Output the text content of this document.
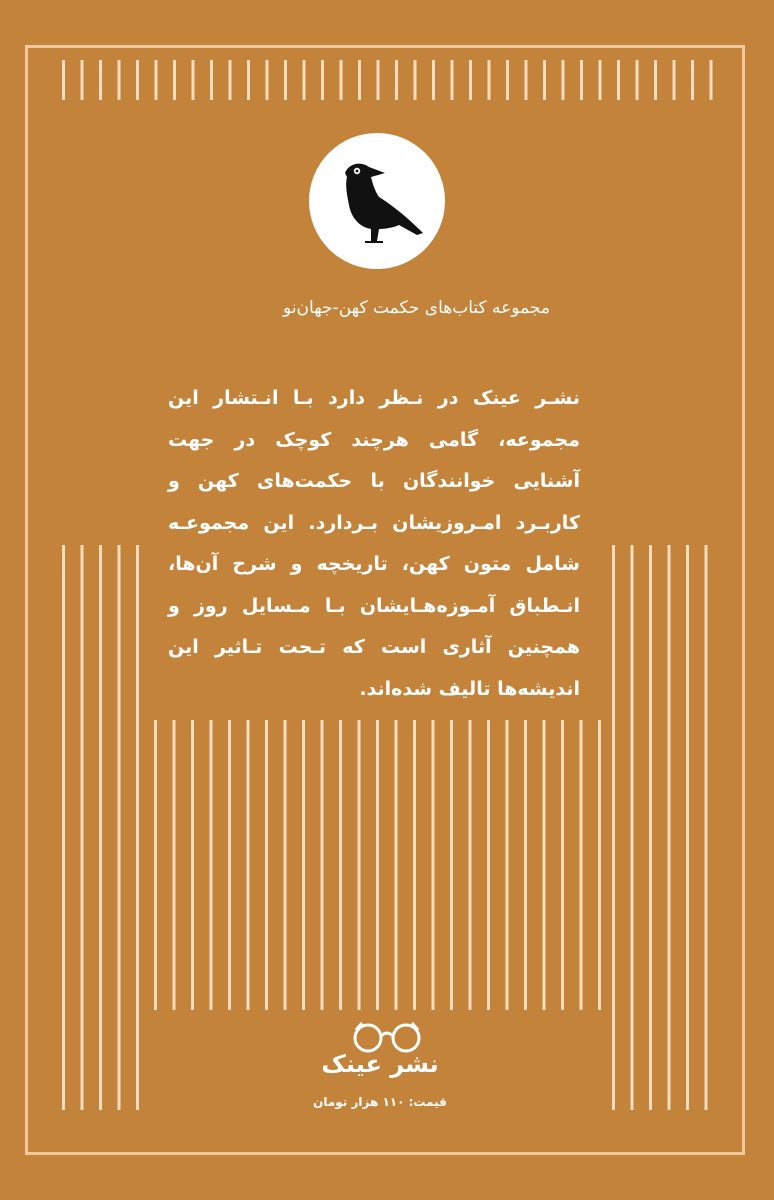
مجموعه کتاب‌های حکمت کهن-جهان‌نو
نشـر عینک در نـظر دارد بـا انـتشار این مجموعه، گامی هرچند کوچک در جهت آشنایی خوانندگان با حکمت‌های کهن و کاربـرد امـروزیشان بـردارد. این مجموعـه شامل متون کهن، تاریخچه و شرح آن‌ها، انـطباق آمـوزه‌هـایشان بـا مـسایل روز و همچنین آثاری است که تـحت تـاثیر این اندیشه‌ها تالیف شده‌اند.
نشر عینک
قیمت: ۱۱۰ هزار تومان
